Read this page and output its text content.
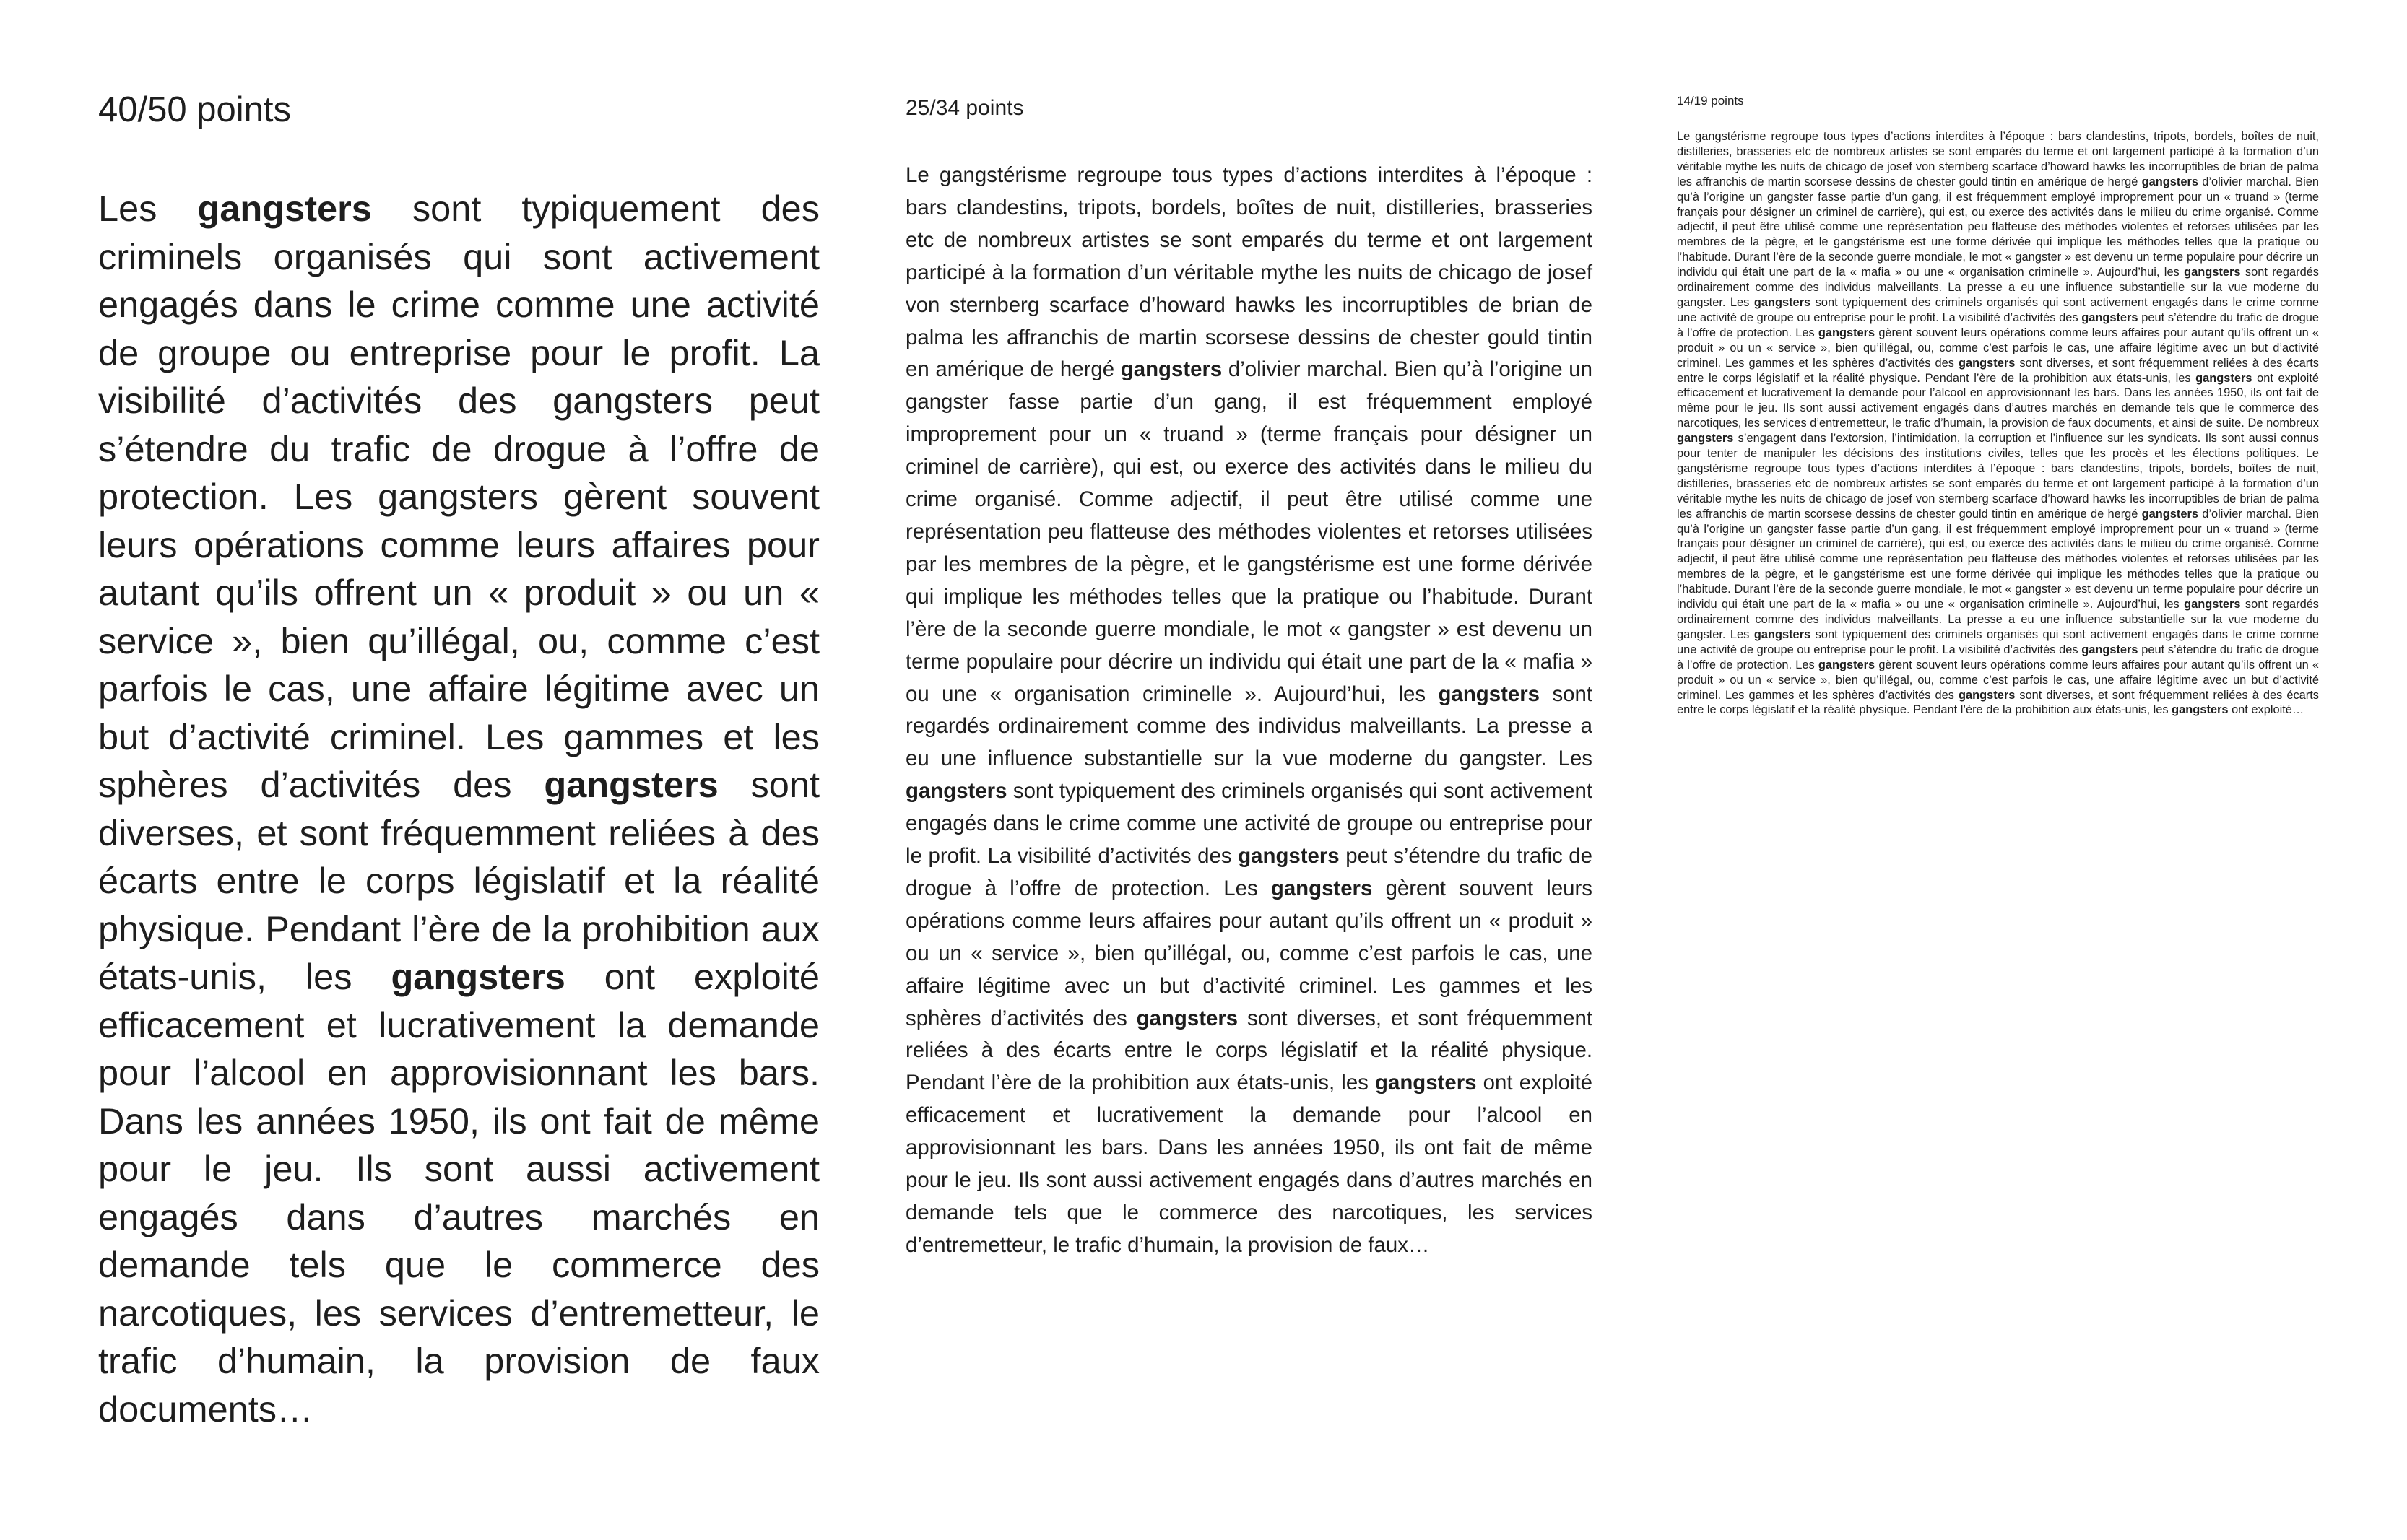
40/50 points

Les gangsters sont typiquement des criminels organisés qui sont activement engagés dans le crime comme une activité de groupe ou entreprise pour le profit. La visibilité d’activités des gangsters peut s’étendre du trafic de drogue à l’offre de protection. Les gangsters gèrent souvent leurs opérations comme leurs affaires pour autant qu’ils offrent un « produit » ou un « service », bien qu’illégal, ou, comme c’est parfois le cas, une affaire légitime avec un but d’activité criminel. Les gammes et les sphères d’activités des gangsters sont diverses, et sont fréquemment reliées à des écarts entre le corps législatif et la réalité physique. Pendant l’ère de la prohibition aux états-unis, les gangsters ont exploité efficacement et lucrativement la demande pour l’alcool en approvisionnant les bars. Dans les années 1950, ils ont fait de même pour le jeu. Ils sont aussi activement engagés dans d’autres marchés en demande tels que le commerce des narcotiques, les services d’entremetteur, le trafic d’humain, la provision de faux documents…

25/34 points

Le gangstérisme regroupe tous types d’actions interdites à l’époque : bars clandestins, tripots, bordels, boîtes de nuit, distilleries, brasseries etc de nombreux artistes se sont emparés du terme et ont largement participé à la formation d’un véritable mythe les nuits de chicago de josef von sternberg scarface d’howard hawks les incorruptibles de brian de palma les affranchis de martin scorsese dessins de chester gould tintin en amérique de hergé gangsters d’olivier marchal. Bien qu’à l’origine un gangster fasse partie d’un gang, il est fréquemment employé improprement pour un « truand » (terme français pour désigner un criminel de carrière), qui est, ou exerce des activités dans le milieu du crime organisé. Comme adjectif, il peut être utilisé comme une représentation peu flatteuse des méthodes violentes et retorses utilisées par les membres de la pègre, et le gangstérisme est une forme dérivée qui implique les méthodes telles que la pratique ou l’habitude. Durant l’ère de la seconde guerre mondiale, le mot « gangster » est devenu un terme populaire pour décrire un individu qui était une part de la « mafia » ou une « organisation criminelle ». Aujourd’hui, les gangsters sont regardés ordinairement comme des individus malveillants. La presse a eu une influence substantielle sur la vue moderne du gangster. Les gangsters sont typiquement des criminels organisés qui sont activement engagés dans le crime comme une activité de groupe ou entreprise pour le profit. La visibilité d’activités des gangsters peut s’étendre du trafic de drogue à l’offre de protection. Les gangsters gèrent souvent leurs opérations comme leurs affaires pour autant qu’ils offrent un « produit » ou un « service », bien qu’illégal, ou, comme c’est parfois le cas, une affaire légitime avec un but d’activité criminel. Les gammes et les sphères d’activités des gangsters sont diverses, et sont fréquemment reliées à des écarts entre le corps législatif et la réalité physique. Pendant l’ère de la prohibition aux états-unis, les gangsters ont exploité efficacement et lucrativement la demande pour l’alcool en approvisionnant les bars. Dans les années 1950, ils ont fait de même pour le jeu. Ils sont aussi activement engagés dans d’autres marchés en demande tels que le commerce des narcotiques, les services d’entremetteur, le trafic d’humain, la provision de faux…

14/19 points

Le gangstérisme regroupe tous types d’actions interdites à l’époque : bars clandestins, tripots, bordels, boîtes de nuit, distilleries, brasseries etc de nombreux artistes se sont emparés du terme et ont largement participé à la formation d’un véritable mythe les nuits de chicago de josef von sternberg scarface d’howard hawks les incorruptibles de brian de palma les affranchis de martin scorsese dessins de chester gould tintin en amérique de hergé gangsters d’olivier marchal. Bien qu’à l’origine un gangster fasse partie d’un gang, il est fréquemment employé improprement pour un « truand » (terme français pour désigner un criminel de carrière), qui est, ou exerce des activités dans le milieu du crime organisé. Comme adjectif, il peut être utilisé comme une représentation peu flatteuse des méthodes violentes et retorses utilisées par les membres de la pègre, et le gangstérisme est une forme dérivée qui implique les méthodes telles que la pratique ou l’habitude. Durant l’ère de la seconde guerre mondiale, le mot « gangster » est devenu un terme populaire pour décrire un individu qui était une part de la « mafia » ou une « organisation criminelle ». Aujourd’hui, les gangsters sont regardés ordinairement comme des individus malveillants. La presse a eu une influence substantielle sur la vue moderne du gangster. Les gangsters sont typiquement des criminels organisés qui sont activement engagés dans le crime comme une activité de groupe ou entreprise pour le profit. La visibilité d’activités des gangsters peut s’étendre du trafic de drogue à l’offre de protection. Les gangsters gèrent souvent leurs opérations comme leurs affaires pour autant qu’ils offrent un « produit » ou un « service », bien qu’illégal, ou, comme c’est parfois le cas, une affaire légitime avec un but d’activité criminel. Les gammes et les sphères d’activités des gangsters sont diverses, et sont fréquemment reliées à des écarts entre le corps législatif et la réalité physique. Pendant l’ère de la prohibition aux états-unis, les gangsters ont exploité efficacement et lucrativement la demande pour l’alcool en approvisionnant les bars. Dans les années 1950, ils ont fait de même pour le jeu. Ils sont aussi activement engagés dans d’autres marchés en demande tels que le commerce des narcotiques, les services d’entremetteur, le trafic d’humain, la provision de faux documents, et ainsi de suite. De nombreux gangsters s’engagent dans l’extorsion, l’intimidation, la corruption et l’influence sur les syndicats. Ils sont aussi connus pour tenter de manipuler les décisions des institutions civiles, telles que les procès et les élections politiques. Le gangstérisme regroupe tous types d’actions interdites à l’époque : bars clandestins, tripots, bordels, boîtes de nuit, distilleries, brasseries etc de nombreux artistes se sont emparés du terme et ont largement participé à la formation d’un véritable mythe les nuits de chicago de josef von sternberg scarface d’howard hawks les incorruptibles de brian de palma les affranchis de martin scorsese dessins de chester gould tintin en amérique de hergé gangsters d’olivier marchal. Bien qu’à l’origine un gangster fasse partie d’un gang, il est fréquemment employé improprement pour un « truand » (terme français pour désigner un criminel de carrière), qui est, ou exerce des activités dans le milieu du crime organisé. Comme adjectif, il peut être utilisé comme une représentation peu flatteuse des méthodes violentes et retorses utilisées par les membres de la pègre, et le gangstérisme est une forme dérivée qui implique les méthodes telles que la pratique ou l’habitude. Durant l’ère de la seconde guerre mondiale, le mot « gangster » est devenu un terme populaire pour décrire un individu qui était une part de la « mafia » ou une « organisation criminelle ». Aujourd’hui, les gangsters sont regardés ordinairement comme des individus malveillants. La presse a eu une influence substantielle sur la vue moderne du gangster. Les gangsters sont typiquement des criminels organisés qui sont activement engagés dans le crime comme une activité de groupe ou entreprise pour le profit. La visibilité d’activités des gangsters peut s’étendre du trafic de drogue à l’offre de protection. Les gangsters gèrent souvent leurs opérations comme leurs affaires pour autant qu’ils offrent un « produit » ou un « service », bien qu’illégal, ou, comme c’est parfois le cas, une affaire légitime avec un but d’activité criminel. Les gammes et les sphères d’activités des gangsters sont diverses, et sont fréquemment reliées à des écarts entre le corps législatif et la réalité physique. Pendant l’ère de la prohibition aux états-unis, les gangsters ont exploité…
